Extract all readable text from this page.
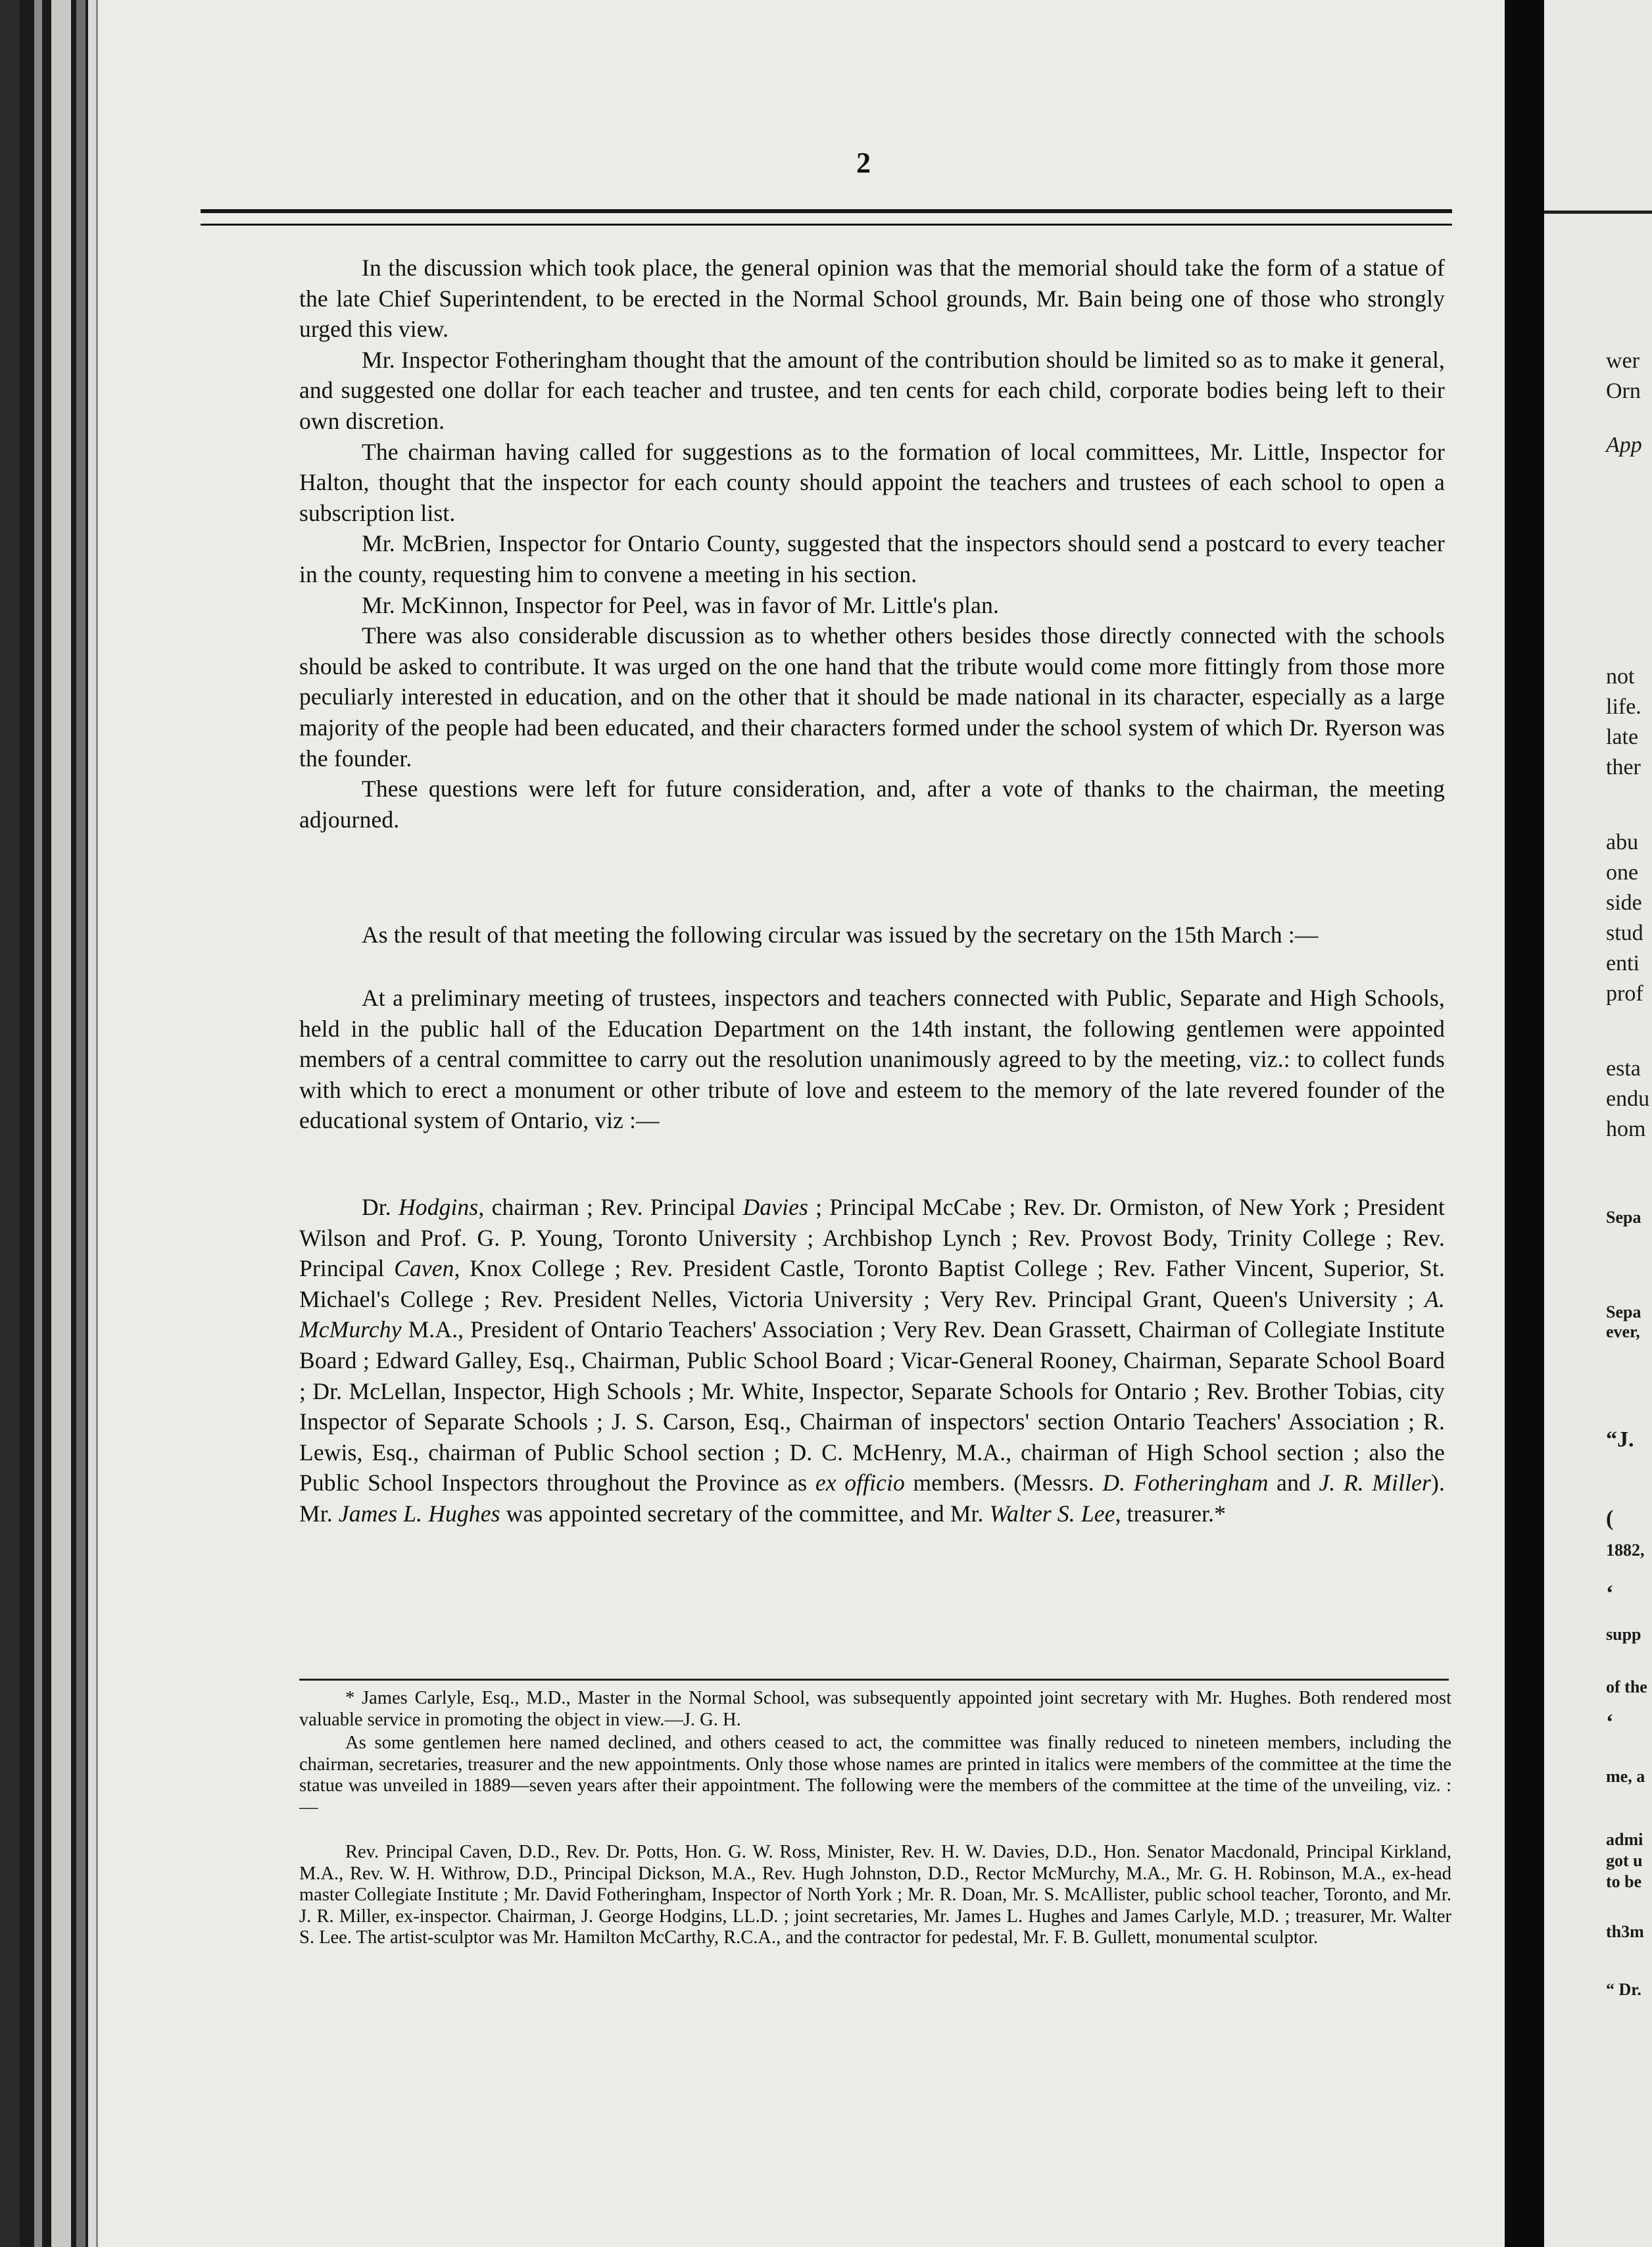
2

In the discussion which took place, the general opinion was that the memorial should take the form of a statue of the late Chief Superintendent, to be erected in the Normal School grounds, Mr. Bain being one of those who strongly urged this view.

Mr. Inspector Fotheringham thought that the amount of the contribution should be limited so as to make it general, and suggested one dollar for each teacher and trustee, and ten cents for each child, corporate bodies being left to their own discretion.

The chairman having called for suggestions as to the formation of local committees, Mr. Little, Inspector for Halton, thought that the inspector for each county should appoint the teachers and trustees of each school to open a subscription list.

Mr. McBrien, Inspector for Ontario County, suggested that the inspectors should send a postcard to every teacher in the county, requesting him to convene a meeting in his section.

Mr. McKinnon, Inspector for Peel, was in favor of Mr. Little's plan.

There was also considerable discussion as to whether others besides those directly connected with the schools should be asked to contribute. It was urged on the one hand that the tribute would come more fittingly from those more peculiarly interested in education, and on the other that it should be made national in its character, especially as a large majority of the people had been educated, and their characters formed under the school system of which Dr. Ryerson was the founder.

These questions were left for future consideration, and, after a vote of thanks to the chairman, the meeting adjourned.

As the result of that meeting the following circular was issued by the secretary on the 15th March :—

At a preliminary meeting of trustees, inspectors and teachers connected with Public, Separate and High Schools, held in the public hall of the Education Department on the 14th instant, the following gentlemen were appointed members of a central committee to carry out the resolution unanimously agreed to by the meeting, viz.: to collect funds with which to erect a monument or other tribute of love and esteem to the memory of the late revered founder of the educational system of Ontario, viz :—

Dr. Hodgins, chairman ; Rev. Principal Davies ; Principal McCabe ; Rev. Dr. Ormiston, of New York ; President Wilson and Prof. G. P. Young, Toronto University ; Archbishop Lynch ; Rev. Provost Body, Trinity College ; Rev. Principal Caven, Knox College ; Rev. President Castle, Toronto Baptist College ; Rev. Father Vincent, Superior, St. Michael's College ; Rev. President Nelles, Victoria University ; Very Rev. Principal Grant, Queen's University ; A. McMurchy M.A., President of Ontario Teachers' Association ; Very Rev. Dean Grassett, Chairman of Collegiate Institute Board ; Edward Galley, Esq., Chairman, Public School Board ; Vicar-General Rooney, Chairman, Separate School Board ; Dr. McLellan, Inspector, High Schools ; Mr. White, Inspector, Separate Schools for Ontario ; Rev. Brother Tobias, city Inspector of Separate Schools ; J. S. Carson, Esq., Chairman of inspectors' section Ontario Teachers' Association ; R. Lewis, Esq., chairman of Public School section ; D. C. McHenry, M.A., chairman of High School section ; also the Public School Inspectors throughout the Province as ex officio members. (Messrs. D. Fotheringham and J. R. Miller). Mr. James L. Hughes was appointed secretary of the committee, and Mr. Walter S. Lee, treasurer.*

* James Carlyle, Esq., M.D., Master in the Normal School, was subsequently appointed joint secretary with Mr. Hughes. Both rendered most valuable service in promoting the object in view.—J. G. H.

As some gentlemen here named declined, and others ceased to act, the committee was finally reduced to nineteen members, including the chairman, secretaries, treasurer and the new appointments. Only those whose names are printed in italics were members of the committee at the time the statue was unveiled in 1889—seven years after their appointment. The following were the members of the committee at the time of the unveiling, viz. :—

Rev. Principal Caven, D.D., Rev. Dr. Potts, Hon. G. W. Ross, Minister, Rev. H. W. Davies, D.D., Hon. Senator Macdonald, Principal Kirkland, M.A., Rev. W. H. Withrow, D.D., Principal Dickson, M.A., Rev. Hugh Johnston, D.D., Rector McMurchy, M.A., Mr. G. H. Robinson, M.A., ex-head master Collegiate Institute ; Mr. David Fotheringham, Inspector of North York ; Mr. R. Doan, Mr. S. McAllister, public school teacher, Toronto, and Mr. J. R. Miller, ex-inspector. Chairman, J. George Hodgins, LL.D. ; joint secretaries, Mr. James L. Hughes and James Carlyle, M.D. ; treasurer, Mr. Walter S. Lee. The artist-sculptor was Mr. Hamilton McCarthy, R.C.A., and the contractor for pedestal, Mr. F. B. Gullett, monumental sculptor.

wer
Orn
App
not
life.
late
ther
abu
one
side
stud
enti
prof
esta
endu
hom
Sepa
Sepa
ever,
“J.
(
1882,
‘
supp
of the
‘
me, a
admi
got u
to be
th3m
“ Dr.
